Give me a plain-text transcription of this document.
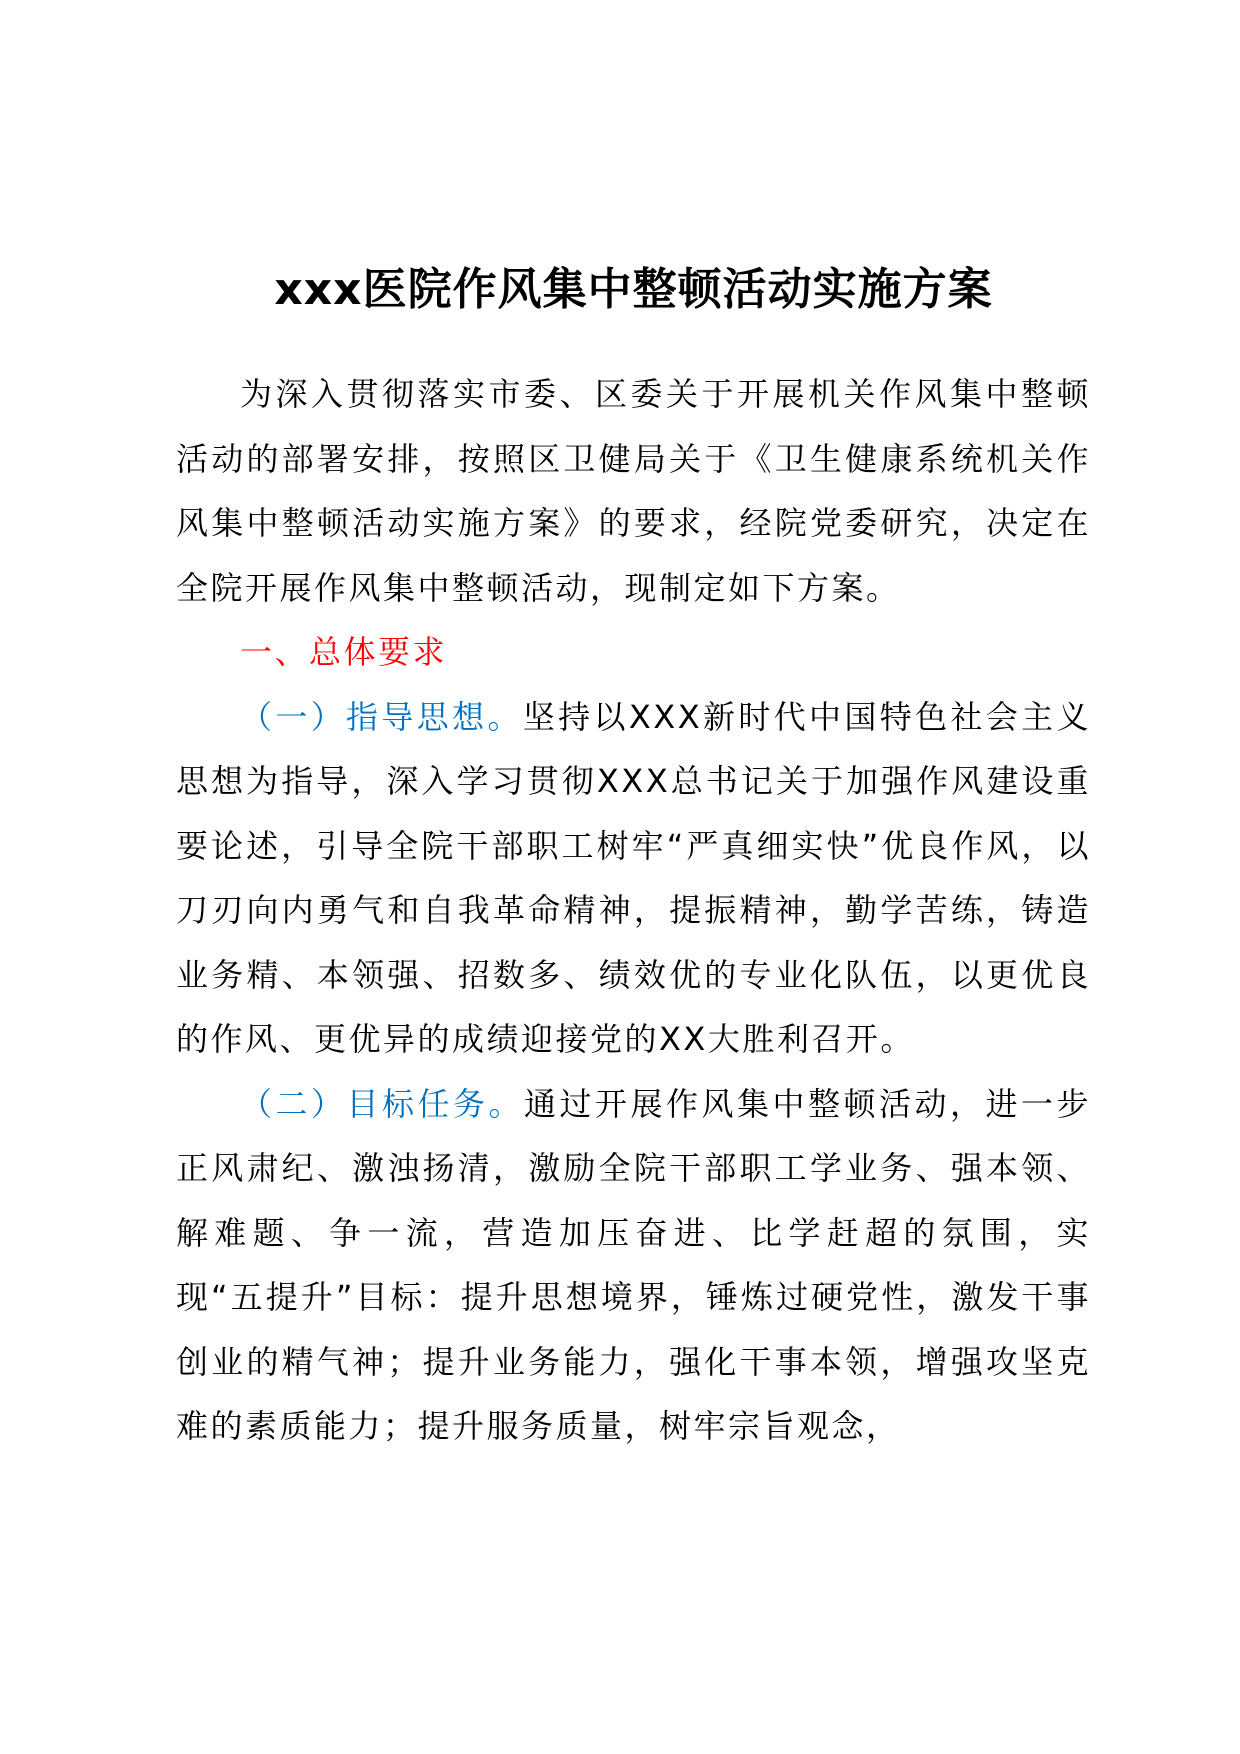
xxx医院作风集中整顿活动实施方案

为深入贯彻落实市委、区委关于开展机关作风集中整顿活动的部署安排，按照区卫健局关于《卫生健康系统机关作风集中整顿活动实施方案》的要求，经院党委研究，决定在全院开展作风集中整顿活动，现制定如下方案。

一、总体要求

（一）指导思想。坚持以XXX新时代中国特色社会主义思想为指导，深入学习贯彻XXX总书记关于加强作风建设重要论述，引导全院干部职工树牢“严真细实快”优良作风，以刀刃向内勇气和自我革命精神，提振精神，勤学苦练，铸造业务精、本领强、招数多、绩效优的专业化队伍，以更优良的作风、更优异的成绩迎接党的XX大胜利召开。

（二）目标任务。通过开展作风集中整顿活动，进一步正风肃纪、激浊扬清，激励全院干部职工学业务、强本领、解难题、争一流，营造加压奋进、比学赶超的氛围，实现“五提升”目标：提升思想境界，锤炼过硬党性，激发干事创业的精气神；提升业务能力，强化干事本领，增强攻坚克难的素质能力；提升服务质量，树牢宗旨观念，
